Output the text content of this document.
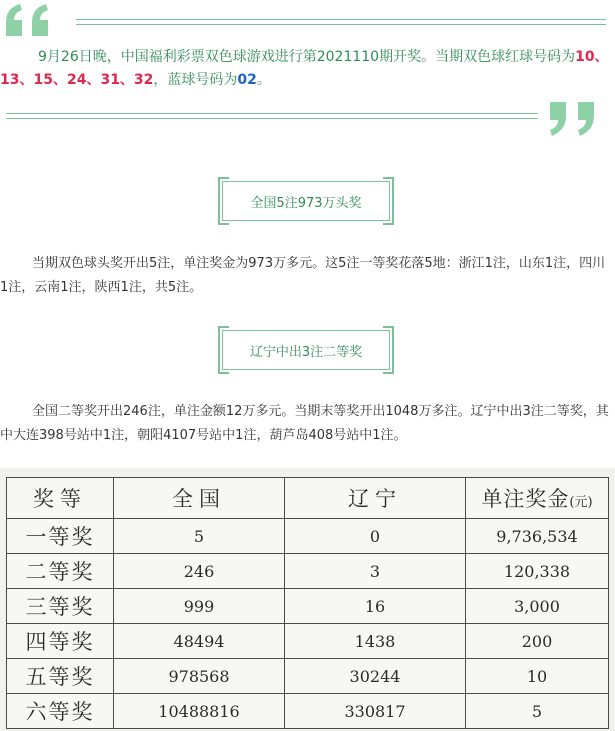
9月26日晚，中国福利彩票双色球游戏进行第2021110期开奖。当期双色球红球号码为10、13、15、24、31、32，蓝球号码为02。
全国5注973万头奖
当期双色球头奖开出5注，单注奖金为973万多元。这5注一等奖花落5地：浙江1注，山东1注，四川1注，云南1注，陕西1注，共5注。
辽宁中出3注二等奖
全国二等奖开出246注，单注金额12万多元。当期末等奖开出1048万多注。辽宁中出3注二等奖，其中大连398号站中1注，朝阳4107号站中1注，葫芦岛408号站中1注。
奖等	全国	辽宁	单注奖金(元)
一等奖	5	0	9,736,534
二等奖	246	3	120,338
三等奖	999	16	3,000
四等奖	48494	1438	200
五等奖	978568	30244	10
六等奖	10488816	330817	5
